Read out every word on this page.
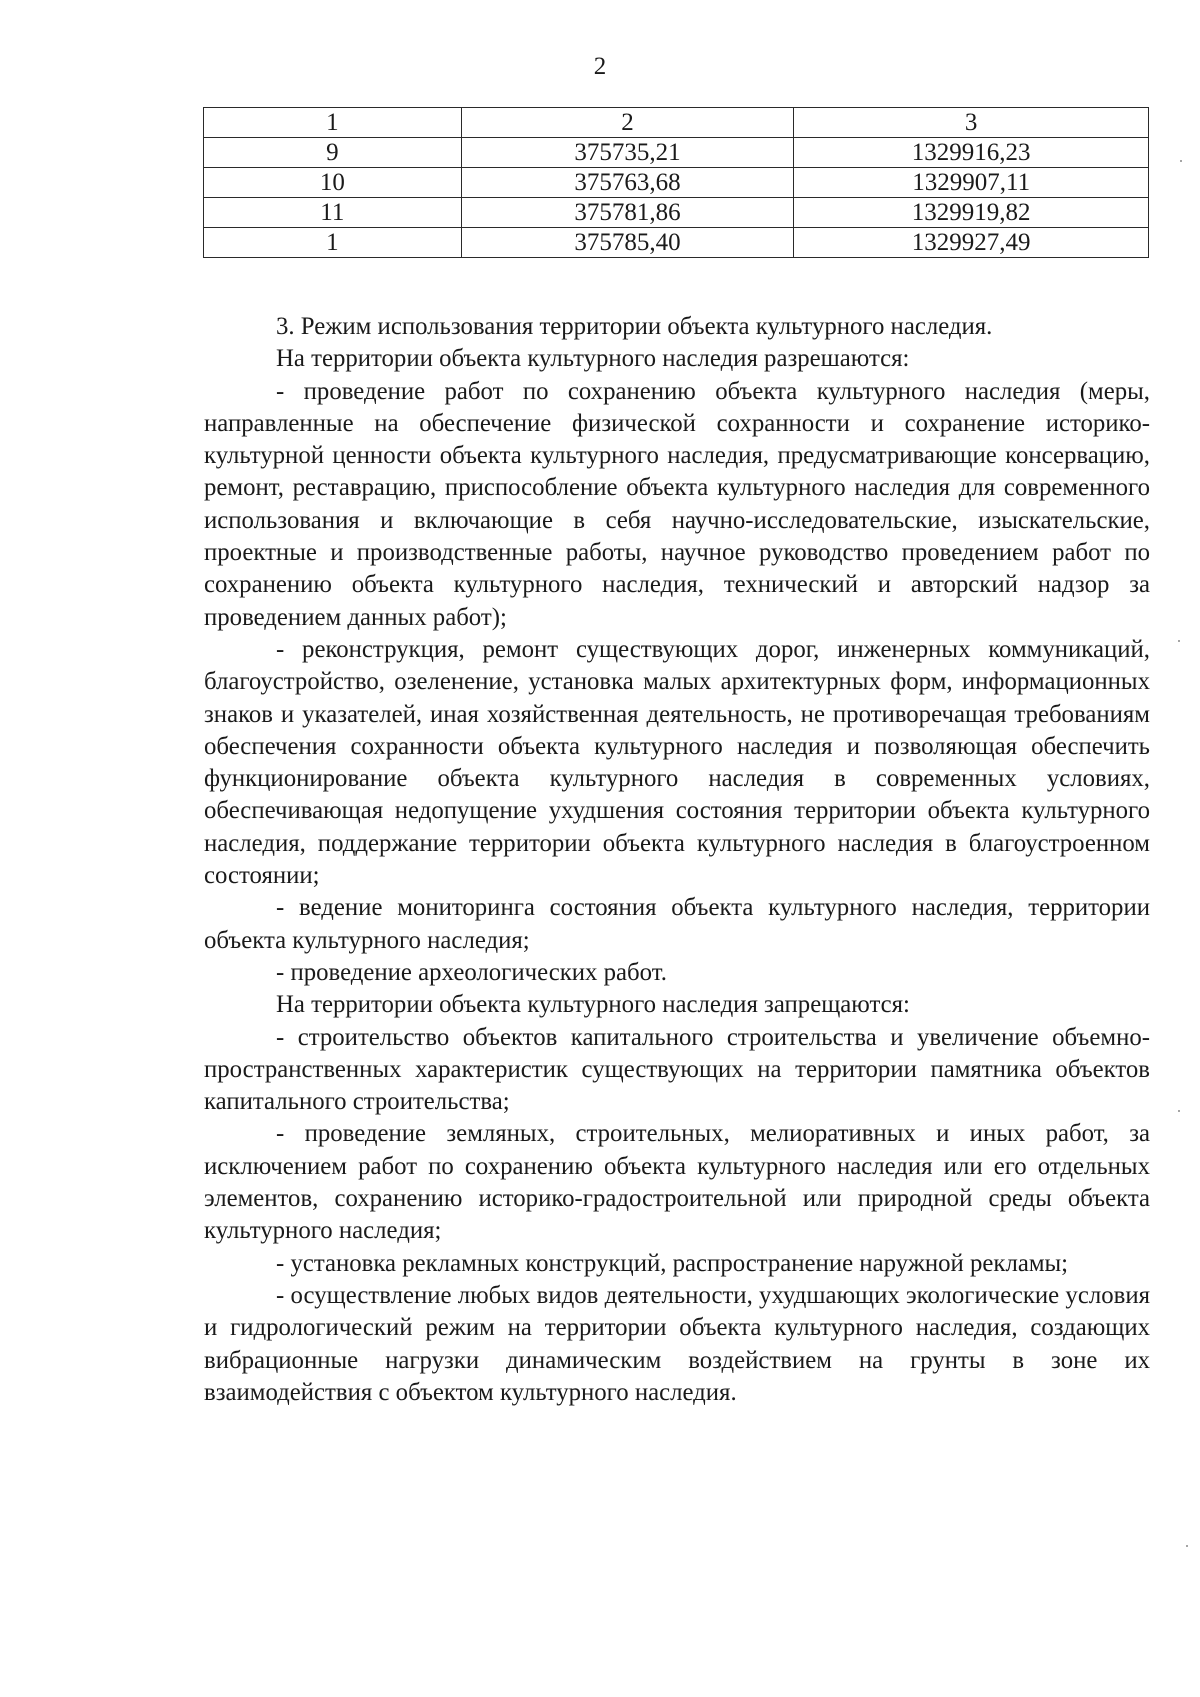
2
1	2	3
9	375735,21	1329916,23
10	375763,68	1329907,11
11	375781,86	1329919,82
1	375785,40	1329927,49

3. Режим использования территории объекта культурного наследия.

На территории объекта культурного наследия разрешаются:

- проведение работ по сохранению объекта культурного наследия (меры, направленные на обеспечение физической сохранности и сохранение историко-культурной ценности объекта культурного наследия, предусматривающие консервацию, ремонт, реставрацию, приспособление объекта культурного наследия для современного использования и включающие в себя научно-исследовательские, изыскательские, проектные и производственные работы, научное руководство проведением работ по сохранению объекта культурного наследия, технический и авторский надзор за проведением данных работ);

- реконструкция, ремонт существующих дорог, инженерных коммуникаций, благоустройство, озеленение, установка малых архитектурных форм, информационных знаков и указателей, иная хозяйственная деятельность, не противоречащая требованиям обеспечения сохранности объекта культурного наследия и позволяющая обеспечить функционирование объекта культурного наследия в современных условиях, обеспечивающая недопущение ухудшения состояния территории объекта культурного наследия, поддержание территории объекта культурного наследия в благоустроенном состоянии;

- ведение мониторинга состояния объекта культурного наследия, территории объекта культурного наследия;

- проведение археологических работ.

На территории объекта культурного наследия запрещаются:

- строительство объектов капитального строительства и увеличение объемно-пространственных характеристик существующих на территории памятника объектов капитального строительства;

- проведение земляных, строительных, мелиоративных и иных работ, за исключением работ по сохранению объекта культурного наследия или его отдельных элементов, сохранению историко-градостроительной или природной среды объекта культурного наследия;

- установка рекламных конструкций, распространение наружной рекламы;

- осуществление любых видов деятельности, ухудшающих экологические условия и гидрологический режим на территории объекта культурного наследия, создающих вибрационные нагрузки динамическим воздействием на грунты в зоне их взаимодействия с объектом культурного наследия.
